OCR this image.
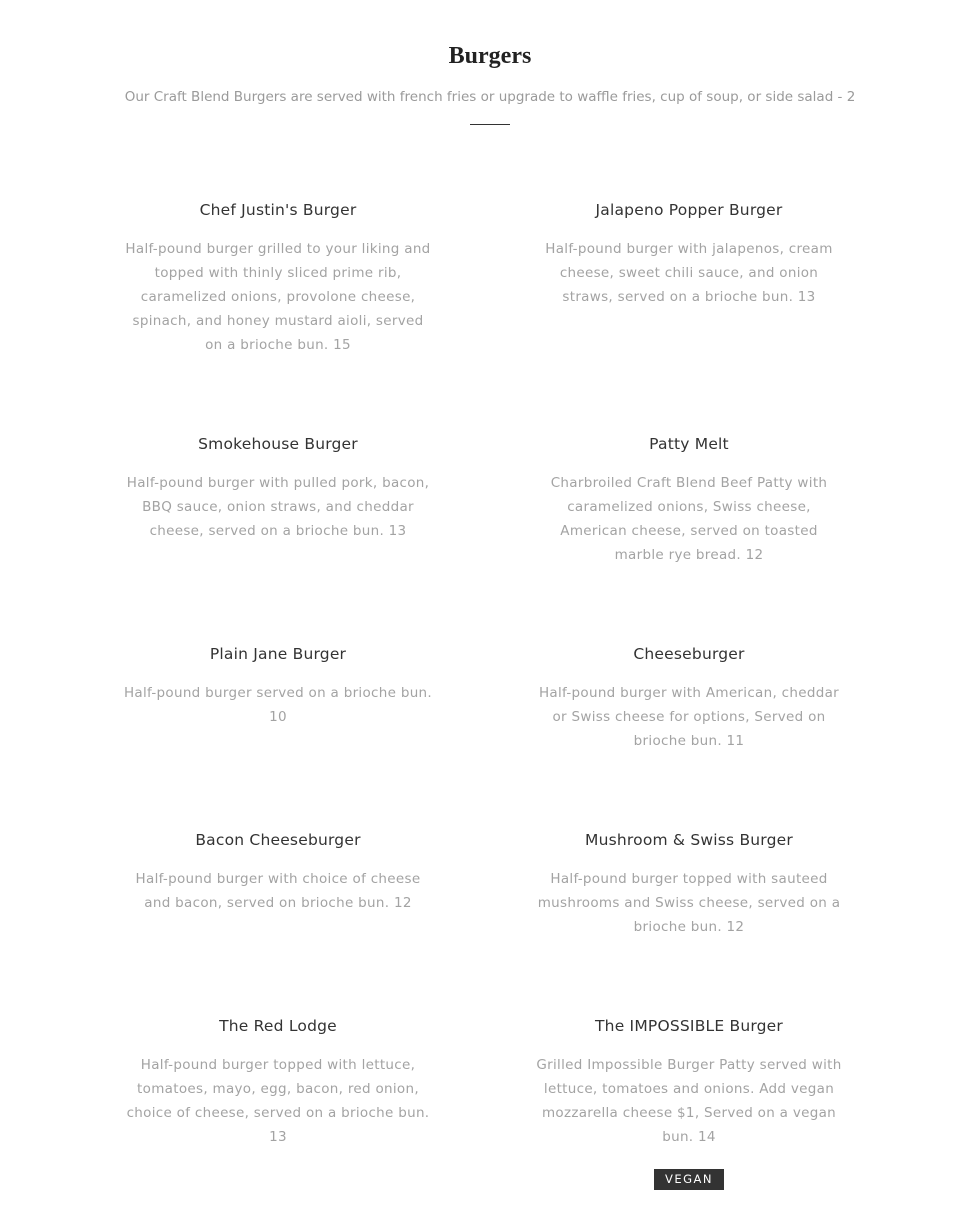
Burgers

Our Craft Blend Burgers are served with french fries or upgrade to waffle fries, cup of soup, or side salad - 2

Chef Justin's Burger

Half-pound burger grilled to your liking and topped with thinly sliced prime rib, caramelized onions, provolone cheese, spinach, and honey mustard aioli, served on a brioche bun. 15

Jalapeno Popper Burger

Half-pound burger with jalapenos, cream cheese, sweet chili sauce, and onion straws, served on a brioche bun. 13

Smokehouse Burger

Half-pound burger with pulled pork, bacon, BBQ sauce, onion straws, and cheddar cheese, served on a brioche bun. 13

Patty Melt

Charbroiled Craft Blend Beef Patty with caramelized onions, Swiss cheese, American cheese, served on toasted marble rye bread. 12

Plain Jane Burger

Half-pound burger served on a brioche bun. 10

Cheeseburger

Half-pound burger with American, cheddar or Swiss cheese for options, Served on brioche bun. 11

Bacon Cheeseburger

Half-pound burger with choice of cheese and bacon, served on brioche bun. 12

Mushroom & Swiss Burger

Half-pound burger topped with sauteed mushrooms and Swiss cheese, served on a brioche bun. 12

The Red Lodge

Half-pound burger topped with lettuce, tomatoes, mayo, egg, bacon, red onion, choice of cheese, served on a brioche bun. 13

The IMPOSSIBLE Burger

Grilled Impossible Burger Patty served with lettuce, tomatoes and onions. Add vegan mozzarella cheese $1, Served on a vegan bun. 14

VEGAN
